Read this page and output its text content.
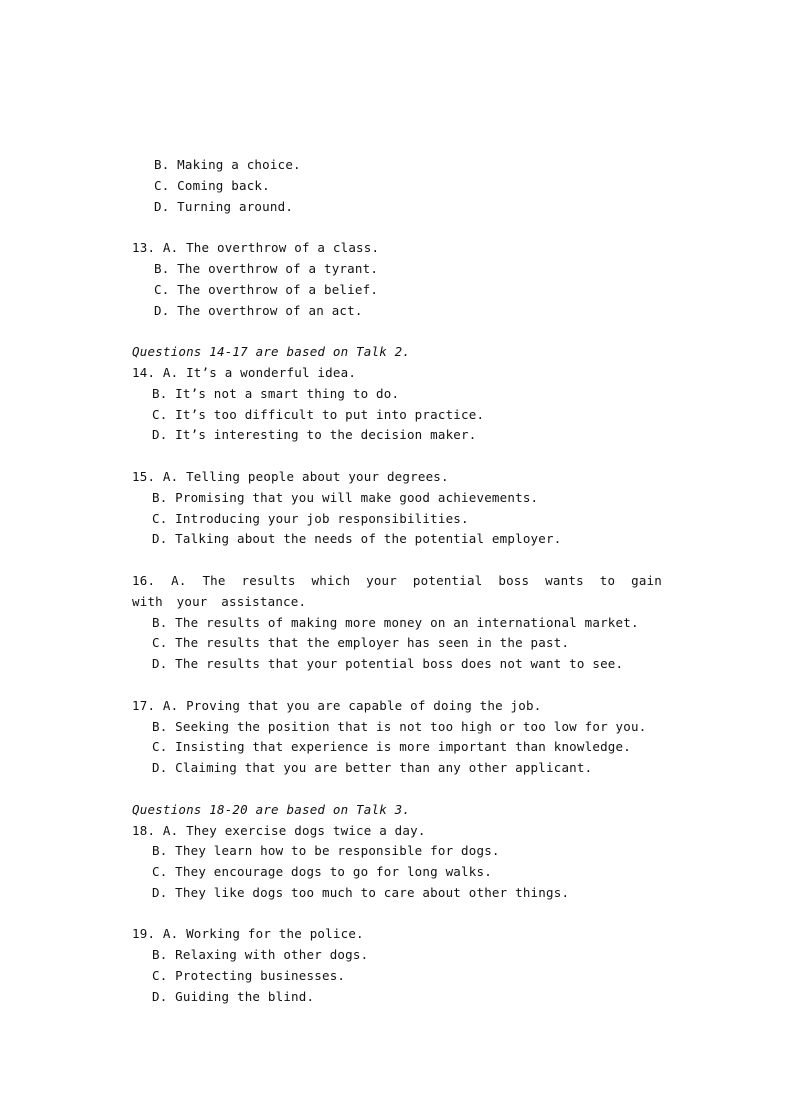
B. Making a choice.
C. Coming back.
D. Turning around.
13. A. The overthrow of a class.
B. The overthrow of a tyrant.
C. The overthrow of a belief.
D. The overthrow of an act.
Questions 14-17 are based on Talk 2.
14. A. It’s a wonderful idea.
B. It’s not a smart thing to do.
C. It’s too difficult to put into practice.
D. It’s interesting to the decision maker.
15. A. Telling people about your degrees.
B. Promising that you will make good achievements.
C. Introducing your job responsibilities.
D. Talking about the needs of the potential employer.
16. A. The results which your potential boss wants to gain with your assistance.
B. The results of making more money on an international market.
C. The results that the employer has seen in the past.
D. The results that your potential boss does not want to see.
17. A. Proving that you are capable of doing the job.
B. Seeking the position that is not too high or too low for you.
C. Insisting that experience is more important than knowledge.
D. Claiming that you are better than any other applicant.
Questions 18-20 are based on Talk 3.
18. A. They exercise dogs twice a day.
B. They learn how to be responsible for dogs.
C. They encourage dogs to go for long walks.
D. They like dogs too much to care about other things.
19. A. Working for the police.
B. Relaxing with other dogs.
C. Protecting businesses.
D. Guiding the blind.
